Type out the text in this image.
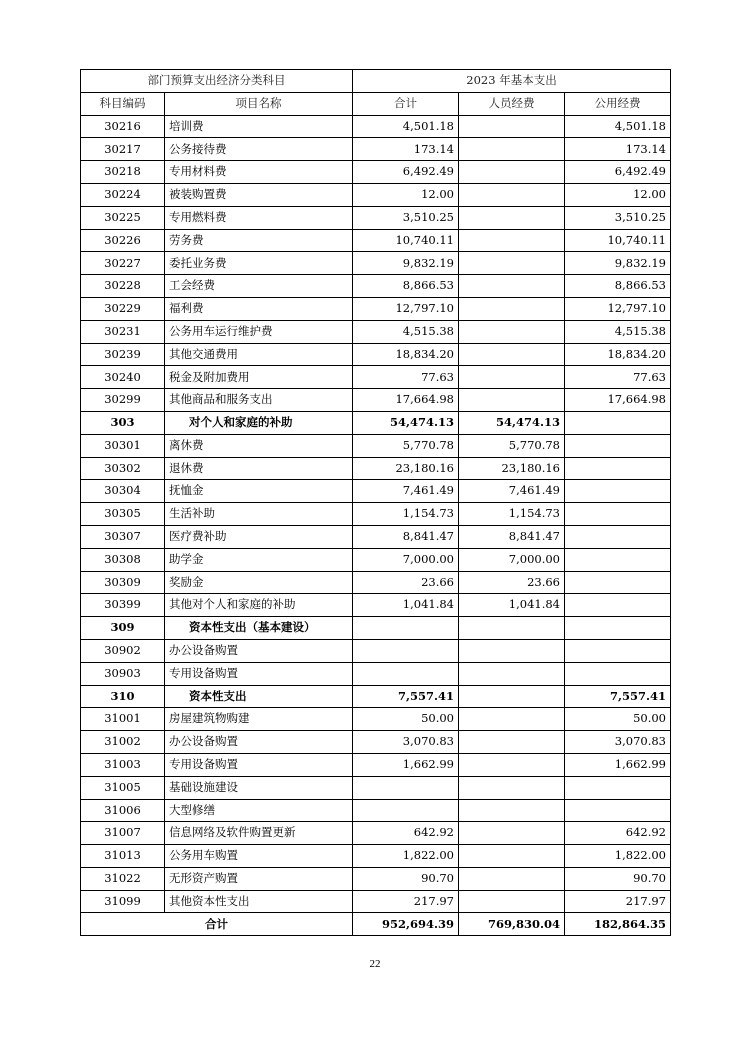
部门预算支出经济分类科目		2023 年基本支出		
科目编码	项目名称	合计	人员经费	公用经费
30216	培训费	4,501.18		4,501.18
30217	公务接待费	173.14		173.14
30218	专用材料费	6,492.49		6,492.49
30224	被装购置费	12.00		12.00
30225	专用燃料费	3,510.25		3,510.25
30226	劳务费	10,740.11		10,740.11
30227	委托业务费	9,832.19		9,832.19
30228	工会经费	8,866.53		8,866.53
30229	福利费	12,797.10		12,797.10
30231	公务用车运行维护费	4,515.38		4,515.38
30239	其他交通费用	18,834.20		18,834.20
30240	税金及附加费用	77.63		77.63
30299	其他商品和服务支出	17,664.98		17,664.98
303	对个人和家庭的补助	54,474.13	54,474.13	
30301	离休费	5,770.78	5,770.78	
30302	退休费	23,180.16	23,180.16	
30304	抚恤金	7,461.49	7,461.49	
30305	生活补助	1,154.73	1,154.73	
30307	医疗费补助	8,841.47	8,841.47	
30308	助学金	7,000.00	7,000.00	
30309	奖励金	23.66	23.66	
30399	其他对个人和家庭的补助	1,041.84	1,041.84	
309	资本性支出（基本建设）			
30902	办公设备购置			
30903	专用设备购置			
310	资本性支出	7,557.41		7,557.41
31001	房屋建筑物购建	50.00		50.00
31002	办公设备购置	3,070.83		3,070.83
31003	专用设备购置	1,662.99		1,662.99
31005	基础设施建设			
31006	大型修缮			
31007	信息网络及软件购置更新	642.92		642.92
31013	公务用车购置	1,822.00		1,822.00
31022	无形资产购置	90.70		90.70
31099	其他资本性支出	217.97		217.97
合计		952,694.39	769,830.04	182,864.35
22
